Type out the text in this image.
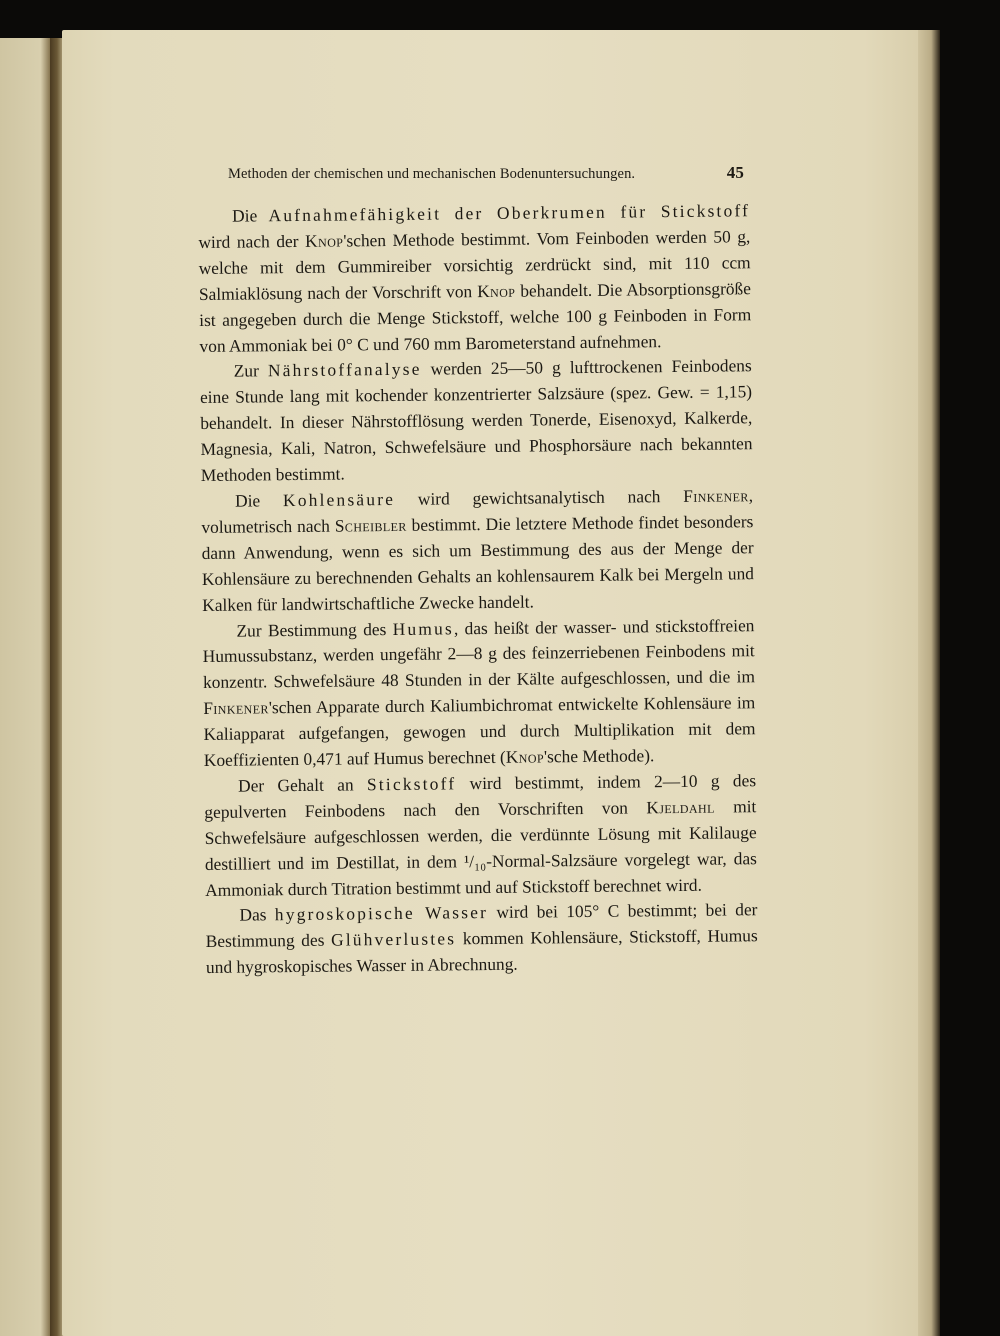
Methoden der chemischen und mechanischen Bodenuntersuchungen.	45

Die Aufnahmefähigkeit der Oberkrumen für Stickstoff wird nach der Knop'schen Methode bestimmt. Vom Feinboden werden 50 g, welche mit dem Gummireiber vorsichtig zerdrückt sind, mit 110 ccm Salmiaklösung nach der Vorschrift von Knop behandelt. Die Absorptionsgröße ist angegeben durch die Menge Stickstoff, welche 100 g Feinboden in Form von Ammoniak bei 0° C und 760 mm Barometerstand aufnehmen.

Zur Nährstoffanalyse werden 25—50 g lufttrockenen Feinbodens eine Stunde lang mit kochender konzentrierter Salzsäure (spez. Gew. = 1,15) behandelt. In dieser Nährstofflösung werden Tonerde, Eisenoxyd, Kalkerde, Magnesia, Kali, Natron, Schwefelsäure und Phosphorsäure nach bekannten Methoden bestimmt.

Die Kohlensäure wird gewichtsanalytisch nach Finkener, volumetrisch nach Scheibler bestimmt. Die letztere Methode findet besonders dann Anwendung, wenn es sich um Bestimmung des aus der Menge der Kohlensäure zu berechnenden Gehalts an kohlensaurem Kalk bei Mergeln und Kalken für landwirtschaftliche Zwecke handelt.

Zur Bestimmung des Humus, das heißt der wasser- und stickstoffreien Humussubstanz, werden ungefähr 2—8 g des feinzerriebenen Feinbodens mit konzentr. Schwefelsäure 48 Stunden in der Kälte aufgeschlossen, und die im Finkener'schen Apparate durch Kaliumbichromat entwickelte Kohlensäure im Kaliapparat aufgefangen, gewogen und durch Multiplikation mit dem Koeffizienten 0,471 auf Humus berechnet (Knop'sche Methode).

Der Gehalt an Stickstoff wird bestimmt, indem 2—10 g des gepulverten Feinbodens nach den Vorschriften von Kjeldahl mit Schwefelsäure aufgeschlossen werden, die verdünnte Lösung mit Kalilauge destilliert und im Destillat, in dem ¹/₁₀-Normal-Salzsäure vorgelegt war, das Ammoniak durch Titration bestimmt und auf Stickstoff berechnet wird.

Das hygroskopische Wasser wird bei 105° C bestimmt; bei der Bestimmung des Glühverlustes kommen Kohlensäure, Stickstoff, Humus und hygroskopisches Wasser in Abrechnung.
